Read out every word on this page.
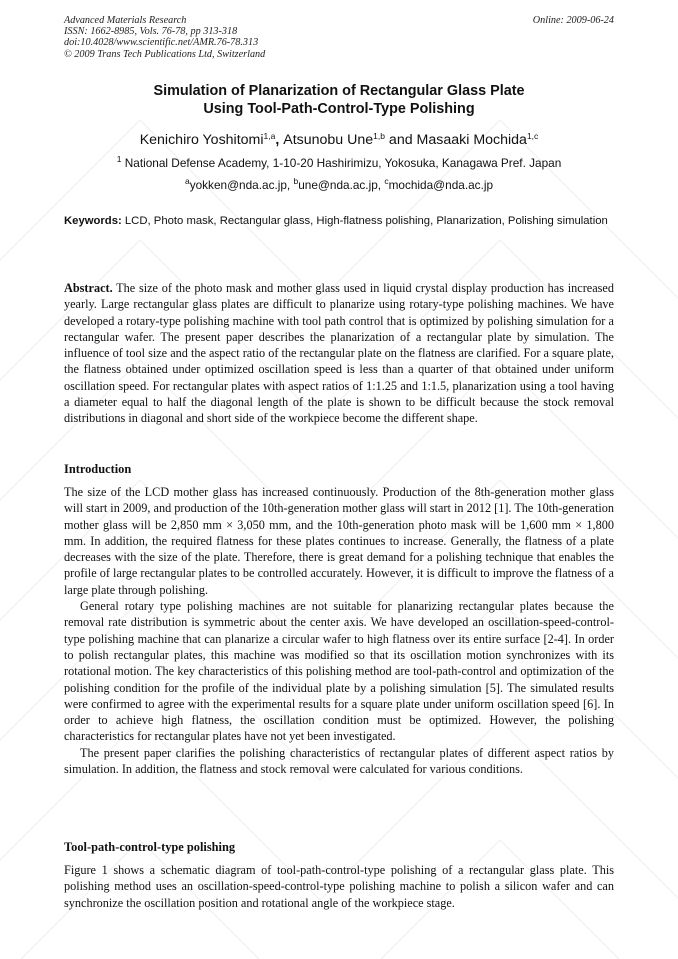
Advanced Materials Research
ISSN: 1662-8985, Vols. 76-78, pp 313-318
doi:10.4028/www.scientific.net/AMR.76-78.313
© 2009 Trans Tech Publications Ltd, Switzerland
Online: 2009-06-24
Simulation of Planarization of Rectangular Glass Plate
Using Tool-Path-Control-Type Polishing
Kenichiro Yoshitomi$^{1,a}$, Atsunobu Une$^{1,b}$ and Masaaki Mochida$^{1,c}$
$^1$ National Defense Academy, 1-10-20 Hashirimizu, Yokosuka, Kanagawa Pref. Japan
$^a$yokken@nda.ac.jp, $^b$une@nda.ac.jp, $^c$mochida@nda.ac.jp
Keywords: LCD, Photo mask, Rectangular glass, High-flatness polishing, Planarization, Polishing simulation

Abstract. The size of the photo mask and mother glass used in liquid crystal display production has increased yearly. Large rectangular glass plates are difficult to planarize using rotary-type polishing machines. We have developed a rotary-type polishing machine with tool path control that is optimized by polishing simulation for a rectangular wafer. The present paper describes the planarization of a rectangular plate by simulation. The influence of tool size and the aspect ratio of the rectangular plate on the flatness are clarified. For a square plate, the flatness obtained under optimized oscillation speed is less than a quarter of that obtained under uniform oscillation speed. For rectangular plates with aspect ratios of 1:1.25 and 1:1.5, planarization using a tool having a diameter equal to half the diagonal length of the plate is shown to be difficult because the stock removal distributions in diagonal and short side of the workpiece become the different shape.

Introduction

The size of the LCD mother glass has increased continuously. Production of the 8th-generation mother glass will start in 2009, and production of the 10th-generation mother glass will start in 2012 [1]. The 10th-generation mother glass will be 2,850 mm × 3,050 mm, and the 10th-generation photo mask will be 1,600 mm × 1,800 mm. In addition, the required flatness for these plates continues to increase. Generally, the flatness of a plate decreases with the size of the plate. Therefore, there is great demand for a polishing technique that enables the profile of large rectangular plates to be controlled accurately. However, it is difficult to improve the flatness of a large plate through polishing.

General rotary type polishing machines are not suitable for planarizing rectangular plates because the removal rate distribution is symmetric about the center axis. We have developed an oscillation-speed-control-type polishing machine that can planarize a circular wafer to high flatness over its entire surface [2-4]. In order to polish rectangular plates, this machine was modified so that its oscillation motion synchronizes with its rotational motion. The key characteristics of this polishing method are tool-path-control and optimization of the polishing condition for the profile of the individual plate by a polishing simulation [5]. The simulated results were confirmed to agree with the experimental results for a square plate under uniform oscillation speed [6]. In order to achieve high flatness, the oscillation condition must be optimized. However, the polishing characteristics for rectangular plates have not yet been investigated.

The present paper clarifies the polishing characteristics of rectangular plates of different aspect ratios by simulation. In addition, the flatness and stock removal were calculated for various conditions.

Tool-path-control-type polishing

Figure 1 shows a schematic diagram of tool-path-control-type polishing of a rectangular glass plate. This polishing method uses an oscillation-speed-control-type polishing machine to polish a silicon wafer and can synchronize the oscillation position and rotational angle of the workpiece stage.
